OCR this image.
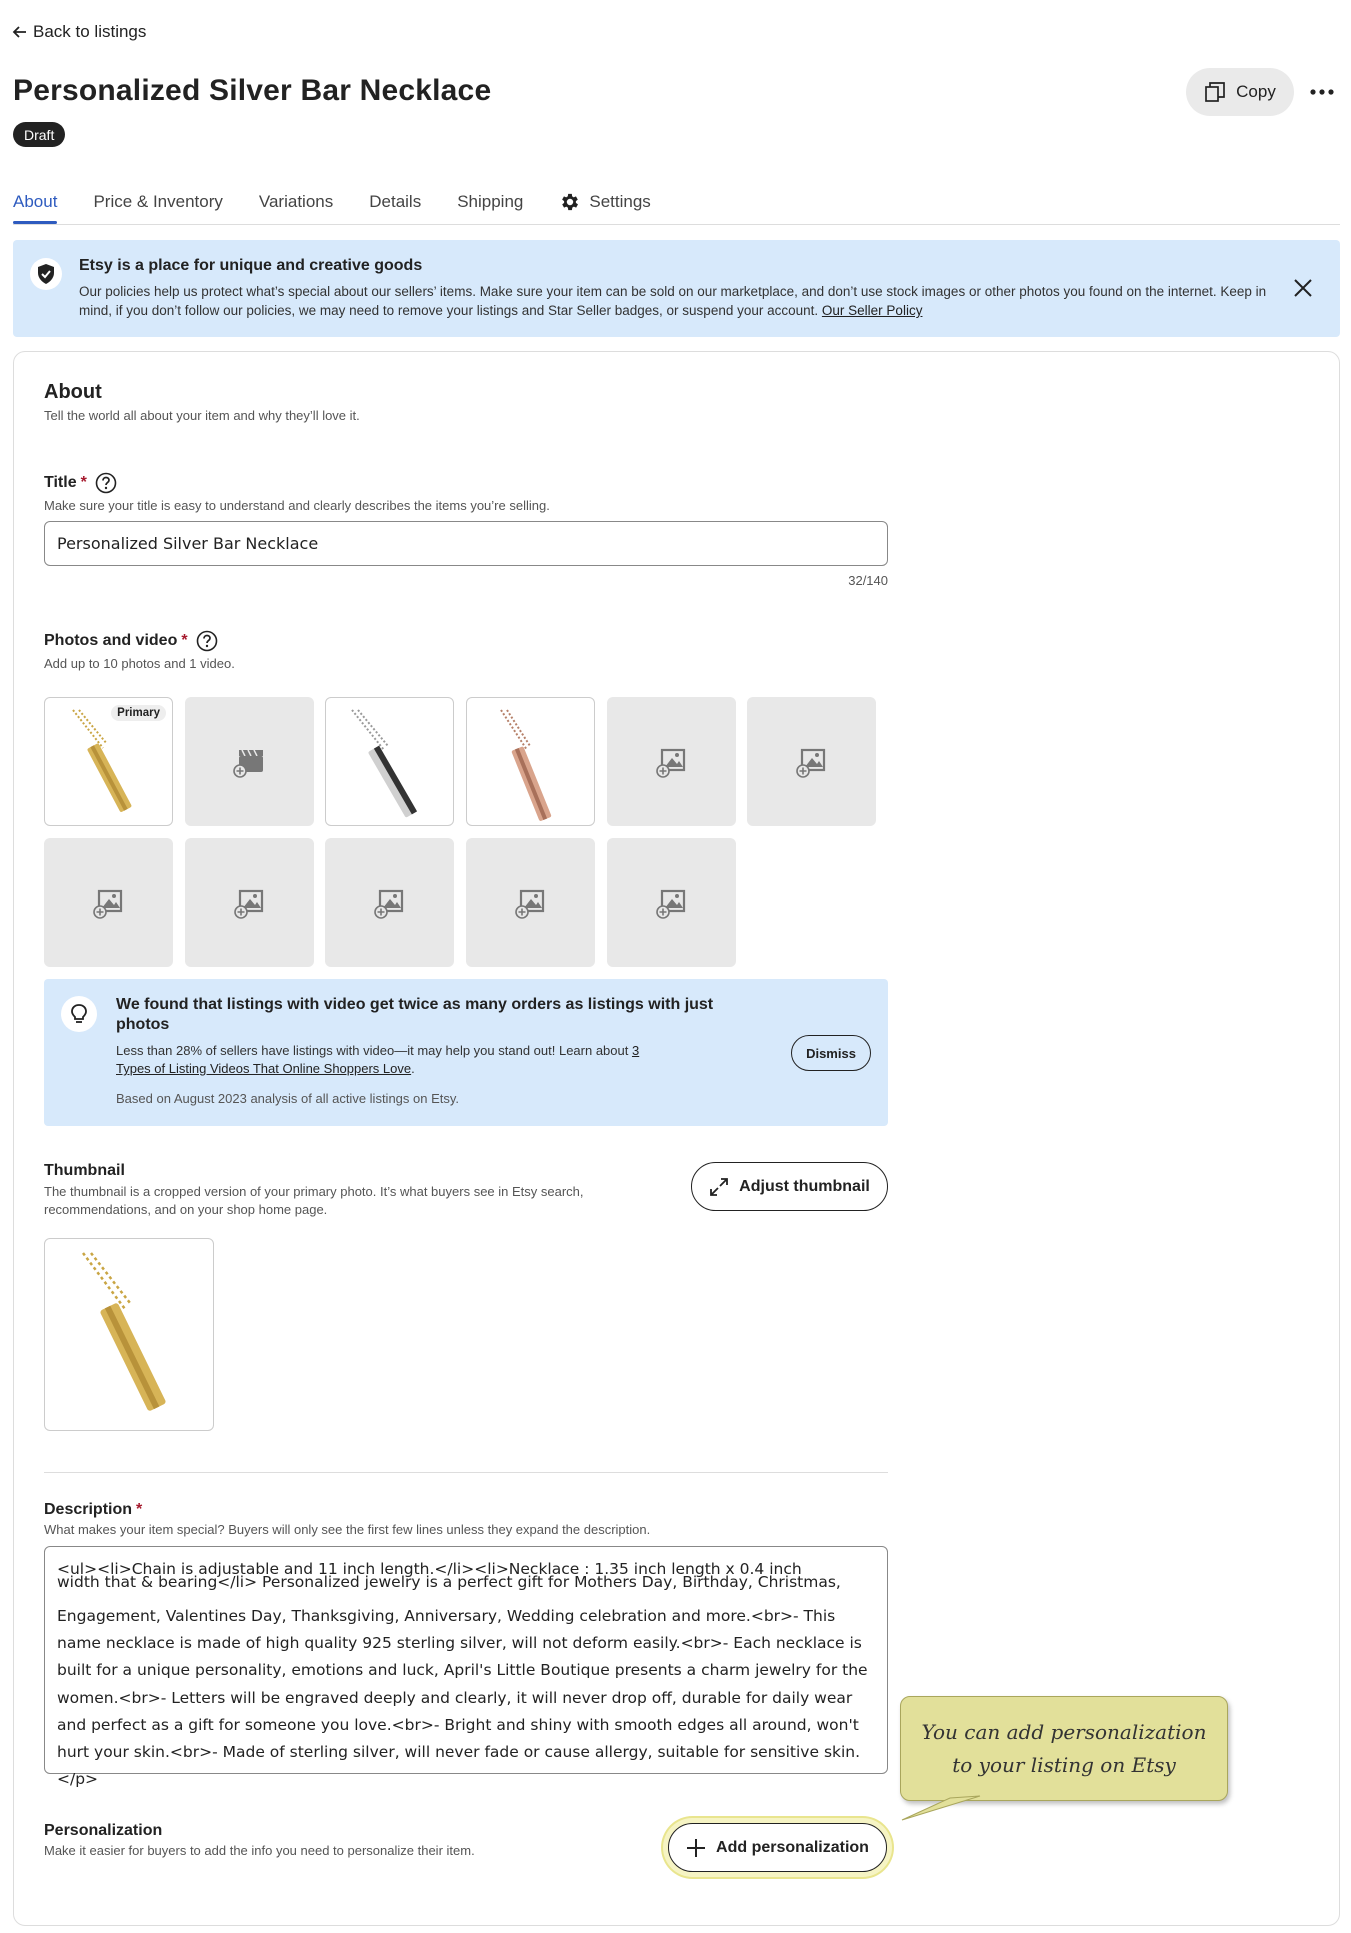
Back to listings
Personalized Silver Bar Necklace
Draft
Copy
About Price & Inventory Variations Details Shipping	Settings
Etsy is a place for unique and creative goods
Our policies help us protect what’s special about our sellers’ items. Make sure your item can be sold on our marketplace, and don’t use stock images or other photos you found on the internet. Keep in mind, if you don’t follow our policies, we may need to remove your listings and Star Seller badges, or suspend your account. Our Seller Policy
About
Tell the world all about your item and why they’ll love it.
Title *
Make sure your title is easy to understand and clearly describes the items you’re selling.
Personalized Silver Bar Necklace
32/140
Photos and video *
Add up to 10 photos and 1 video.
Primary
We found that listings with video get twice as many orders as listings with just photos
Less than 28% of sellers have listings with video—it may help you stand out! Learn about 3 Types of Listing Videos That Online Shoppers Love.
Based on August 2023 analysis of all active listings on Etsy.
Dismiss
Thumbnail
The thumbnail is a cropped version of your primary photo. It’s what buyers see in Etsy search, recommendations, and on your shop home page.
Adjust thumbnail
Description *
What makes your item special? Buyers will only see the first few lines unless they expand the description.
<ul><li>Chain is adjustable and 11 inch length.</li><li>Necklace : 1.35 inch length x 0.4 inch
width that & bearing</li> Personalized jewelry is a perfect gift for Mothers Day, Birthday, Christmas,
Engagement, Valentines Day, Thanksgiving, Anniversary, Wedding celebration and more.<br>- This name necklace is made of high quality 925 sterling silver, will not deform easily.<br>- Each necklace is built for a unique personality, emotions and luck, April's Little Boutique presents a charm jewelry for the women.<br>- Letters will be engraved deeply and clearly, it will never drop off, durable for daily wear and perfect as a gift for someone you love.<br>- Bright and shiny with smooth edges all around, won't hurt your skin.<br>- Made of sterling silver, will never fade or cause allergy, suitable for sensitive skin.</p>
You can add personalization to your listing on Etsy
Personalization
Make it easier for buyers to add the info you need to personalize their item.	Add personalization
